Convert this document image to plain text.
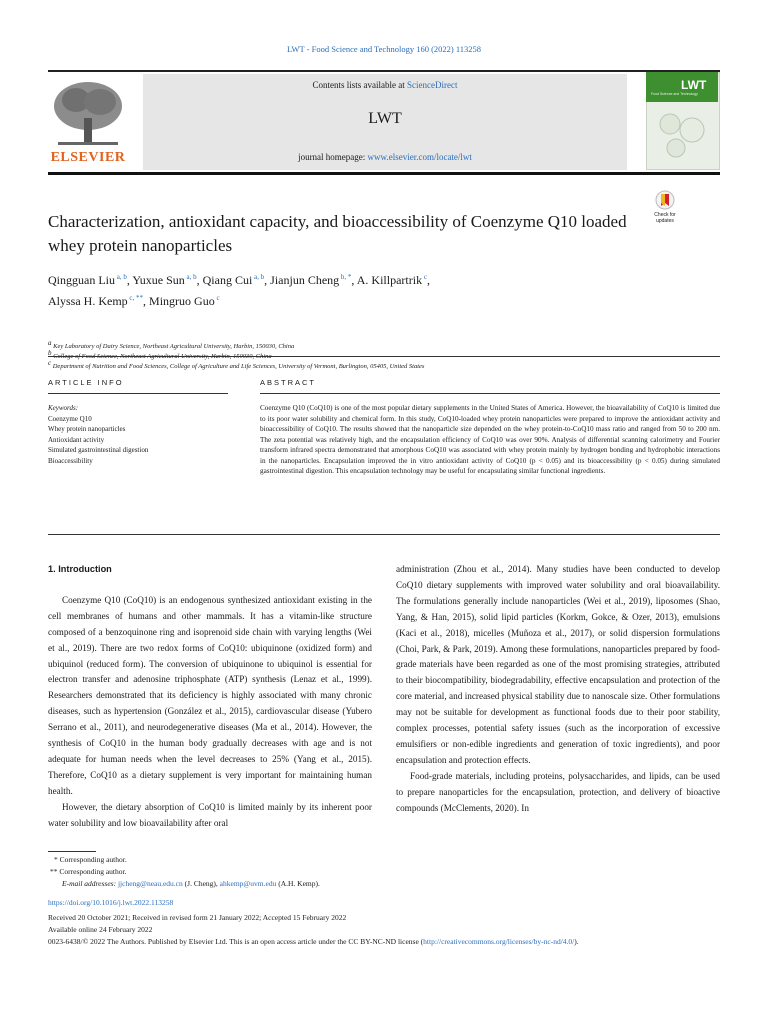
LWT - Food Science and Technology 160 (2022) 113258
ELSEVIER
Contents lists available at ScienceDirect
LWT
journal homepage: www.elsevier.com/locate/lwt
LWT
Food Science and Technology
Check for updates
Characterization, antioxidant capacity, and bioaccessibility of Coenzyme Q10 loaded whey protein nanoparticles
Qingguan Liu $^{a, b}$, Yuxue Sun $^{a, b}$, Qiang Cui $^{a, b}$, Jianjun Cheng $^{b, *}$, A. Killpartrik $^c$,
Alyssa H. Kemp $^{c, **}$, Mingruo Guo $^c$
$^a$ Key Laboratory of Dairy Science, Northeast Agricultural University, Harbin, 150030, China
$^b$ College of Food Science, Northeast Agricultural University, Harbin, 150030, China
$^c$ Department of Nutrition and Food Sciences, College of Agriculture and Life Sciences, University of Vermont, Burlington, 05405, United States
ARTICLE INFO	ABSTRACT
Keywords:
Coenzyme Q10
Whey protein nanoparticles
Antioxidant activity
Simulated gastrointestinal digestion
Bioaccessibility
Coenzyme Q10 (CoQ10) is one of the most popular dietary supplements in the United States of America. However, the bioavailability of CoQ10 is limited due to its poor water solubility and chemical form. In this study, CoQ10-loaded whey protein nanoparticles were prepared to improve the antioxidant activity and bioaccessibility of CoQ10. The results showed that the nanoparticle size depended on the whey protein-to-CoQ10 mass ratio and ranged from 50 to 200 nm. The zeta potential was relatively high, and the encapsulation efficiency of CoQ10 was over 90%. Analysis of differential scanning calorimetry and Fourier transform infrared spectra demonstrated that amorphous CoQ10 was associated with whey protein mainly by hydrogen bonding and hydrophobic interactions in the nanoparticles. Encapsulation improved the in vitro antioxidant activity of CoQ10 (p < 0.05) and its bioaccessibility (p < 0.05) during simulated gastrointestinal digestion. This encapsulation technology may be useful for encapsulating similar functional ingredients.
1. Introduction

Coenzyme Q10 (CoQ10) is an endogenous synthesized antioxidant existing in the cell membranes of humans and other mammals. It has a vitamin-like structure composed of a benzoquinone ring and isoprenoid side chain with varying lengths (Wei et al., 2019). There are two redox forms of CoQ10: ubiquinone (oxidized form) and ubiquinol (reduced form). The conversion of ubiquinone to ubiquinol is essential for electron transfer and adenosine triphosphate (ATP) synthesis (Lenaz et al., 1999). Researchers demonstrated that its deficiency is highly associated with many chronic diseases, such as hypertension (González et al., 2015), cardiovascular disease (Yubero Serrano et al., 2011), and neurodegenerative diseases (Ma et al., 2014). However, the synthesis of CoQ10 in the human body gradually decreases with age and is not adequate for human needs when the level decreases to 25% (Yang et al., 2015). Therefore, CoQ10 as a dietary supplement is very important for maintaining human health.

However, the dietary absorption of CoQ10 is limited mainly by its inherent poor water solubility and low bioavailability after oral

administration (Zhou et al., 2014). Many studies have been conducted to develop CoQ10 dietary supplements with improved water solubility and oral bioavailability. The formulations generally include nanoparticles (Wei et al., 2019), liposomes (Shao, Yang, & Han, 2015), solid lipid particles (Korkm, Gokce, & Ozer, 2013), emulsions (Kaci et al., 2018), micelles (Muñoza et al., 2017), or solid dispersion formulations (Choi, Park, & Park, 2019). Among these formulations, nanoparticles prepared by food-grade materials have been regarded as one of the most promising strategies, attributed to their biocompatibility, biodegradability, effective encapsulation and protection of the core material, and increased physical stability due to nanoscale size. Other formulations may not be suitable for development as functional foods due to their poor stability, complex processes, potential safety issues (such as the incorporation of excessive emulsifiers or non-edible ingredients and generation of toxic ingredients), and poor encapsulation and protection effects.

Food-grade materials, including proteins, polysaccharides, and lipids, can be used to prepare nanoparticles for the encapsulation, protection, and delivery of bioactive compounds (McClements, 2020). In

* Corresponding author.
** Corresponding author.
E-mail addresses: jjcheng@neau.edu.cn (J. Cheng), ahkemp@uvm.edu (A.H. Kemp).
https://doi.org/10.1016/j.lwt.2022.113258
Received 20 October 2021; Received in revised form 21 January 2022; Accepted 15 February 2022
Available online 24 February 2022
0023-6438/© 2022 The Authors. Published by Elsevier Ltd. This is an open access article under the CC BY-NC-ND license (http://creativecommons.org/licenses/by-nc-nd/4.0/).
